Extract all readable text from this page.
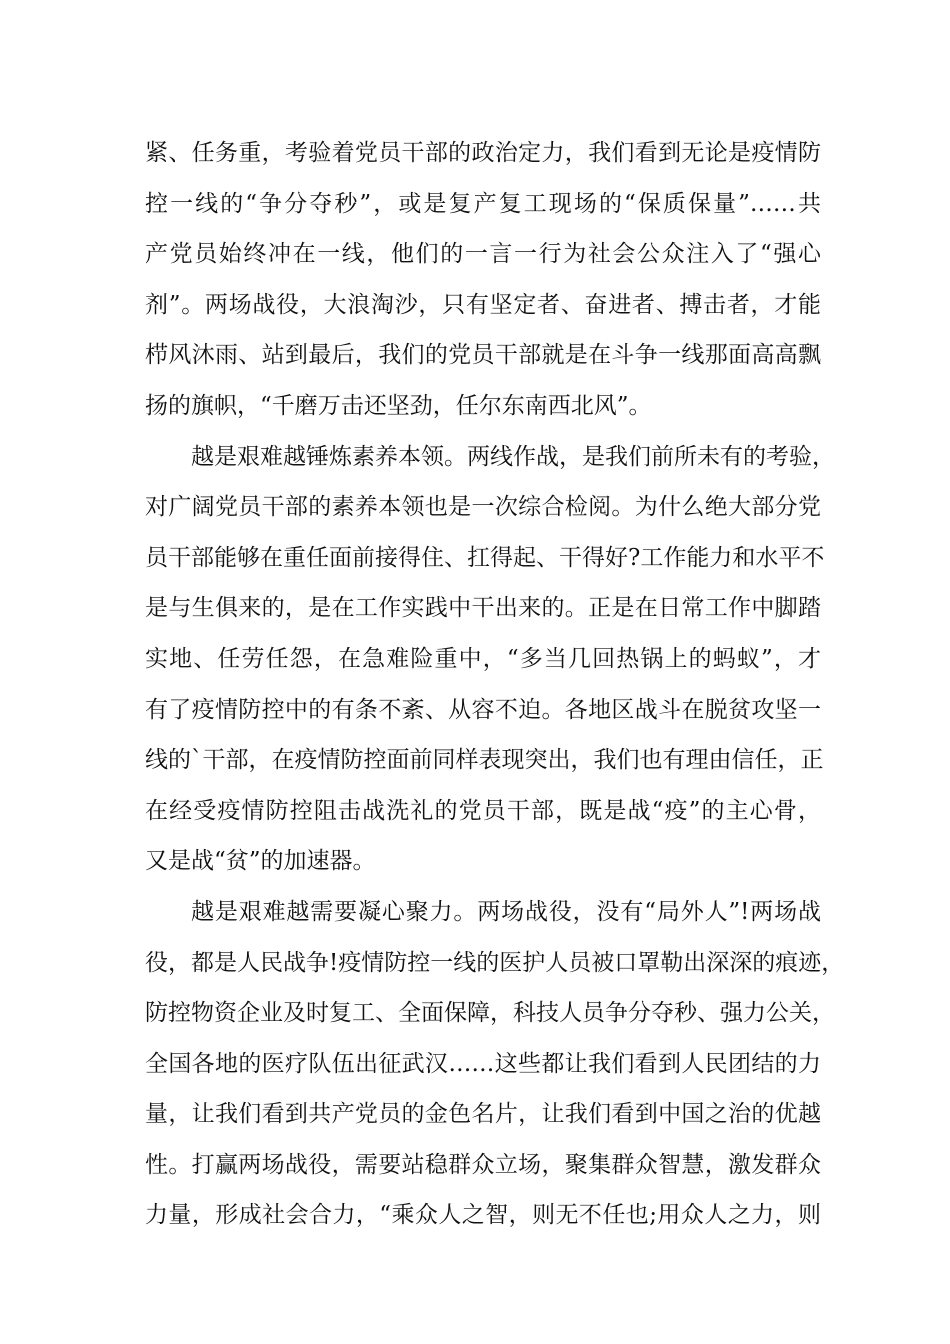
紧、任务重，考验着党员干部的政治定力，我们看到无论是疫情防
控一线的“争分夺秒”，或是复产复工现场的“保质保量”……共
产党员始终冲在一线，他们的一言一行为社会公众注入了“强心
剂”。两场战役，大浪淘沙，只有坚定者、奋进者、搏击者，才能
栉风沐雨、站到最后，我们的党员干部就是在斗争一线那面高高飘
扬的旗帜，“千磨万击还坚劲，任尔东南西北风”。
越是艰难越锤炼素养本领。两线作战，是我们前所未有的考验，
对广阔党员干部的素养本领也是一次综合检阅。为什么绝大部分党
员干部能够在重任面前接得住、扛得起、干得好?工作能力和水平不
是与生俱来的，是在工作实践中干出来的。正是在日常工作中脚踏
实地、任劳任怨，在急难险重中，“多当几回热锅上的蚂蚁”，才
有了疫情防控中的有条不紊、从容不迫。各地区战斗在脱贫攻坚一
线的`干部，在疫情防控面前同样表现突出，我们也有理由信任，正
在经受疫情防控阻击战洗礼的党员干部，既是战“疫”的主心骨，
又是战“贫”的加速器。
越是艰难越需要凝心聚力。两场战役，没有“局外人”!两场战
役，都是人民战争!疫情防控一线的医护人员被口罩勒出深深的痕迹，
防控物资企业及时复工、全面保障，科技人员争分夺秒、强力公关，
全国各地的医疗队伍出征武汉……这些都让我们看到人民团结的力
量，让我们看到共产党员的金色名片，让我们看到中国之治的优越
性。打赢两场战役，需要站稳群众立场，聚集群众智慧，激发群众
力量，形成社会合力，“乘众人之智，则无不任也;用众人之力，则
